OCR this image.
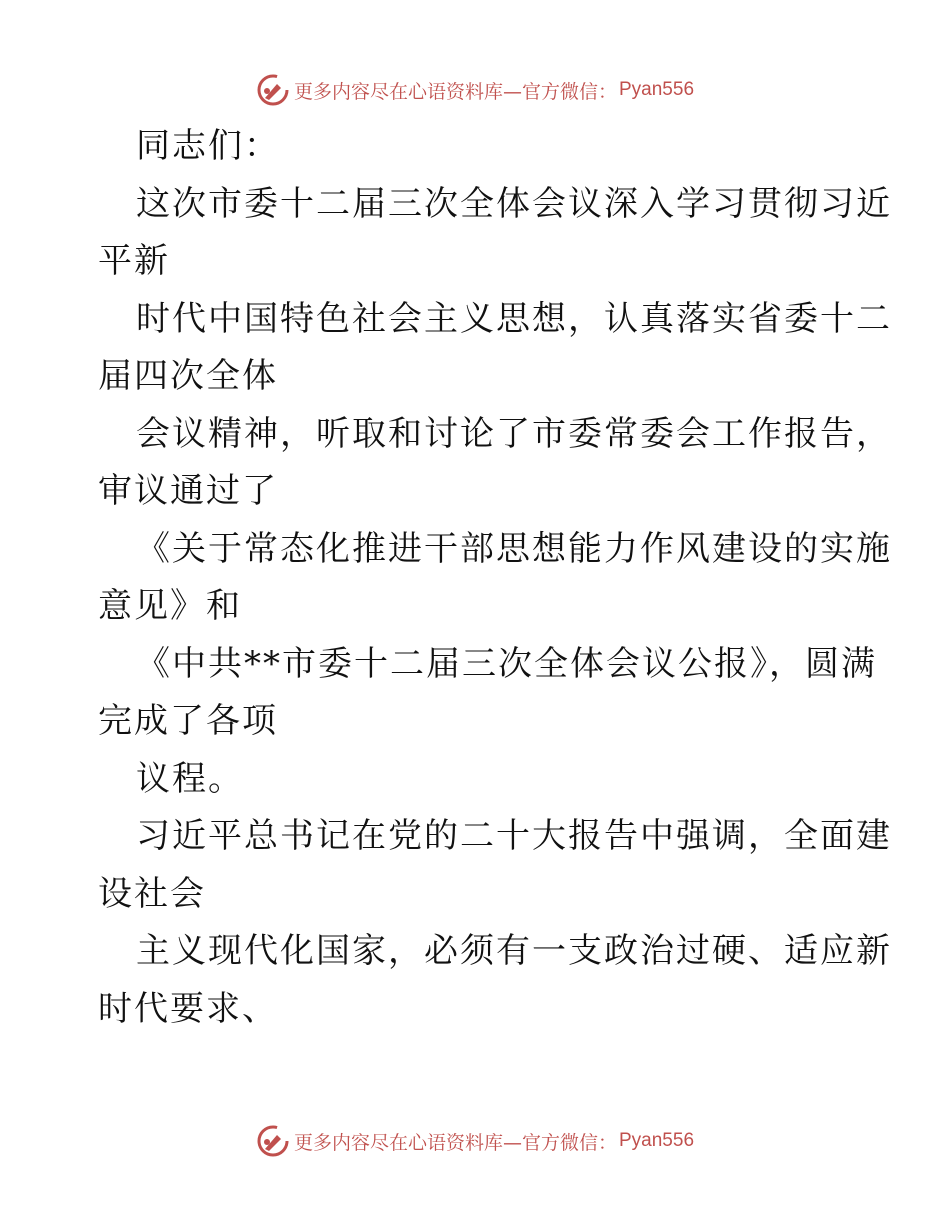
更多内容尽在心语资料库—官方微信： Pyan556
同志们：
这次市委十二届三次全体会议深入学习贯彻习近
平新
时代中国特色社会主义思想，认真落实省委十二
届四次全体
会议精神，听取和讨论了市委常委会工作报告，
审议通过了
《关于常态化推进干部思想能力作风建设的实施
意见》和
《中共**市委十二届三次全体会议公报》，圆满
完成了各项
议程。
习近平总书记在党的二十大报告中强调，全面建
设社会
主义现代化国家，必须有一支政治过硬、适应新
时代要求、
更多内容尽在心语资料库—官方微信： Pyan556
